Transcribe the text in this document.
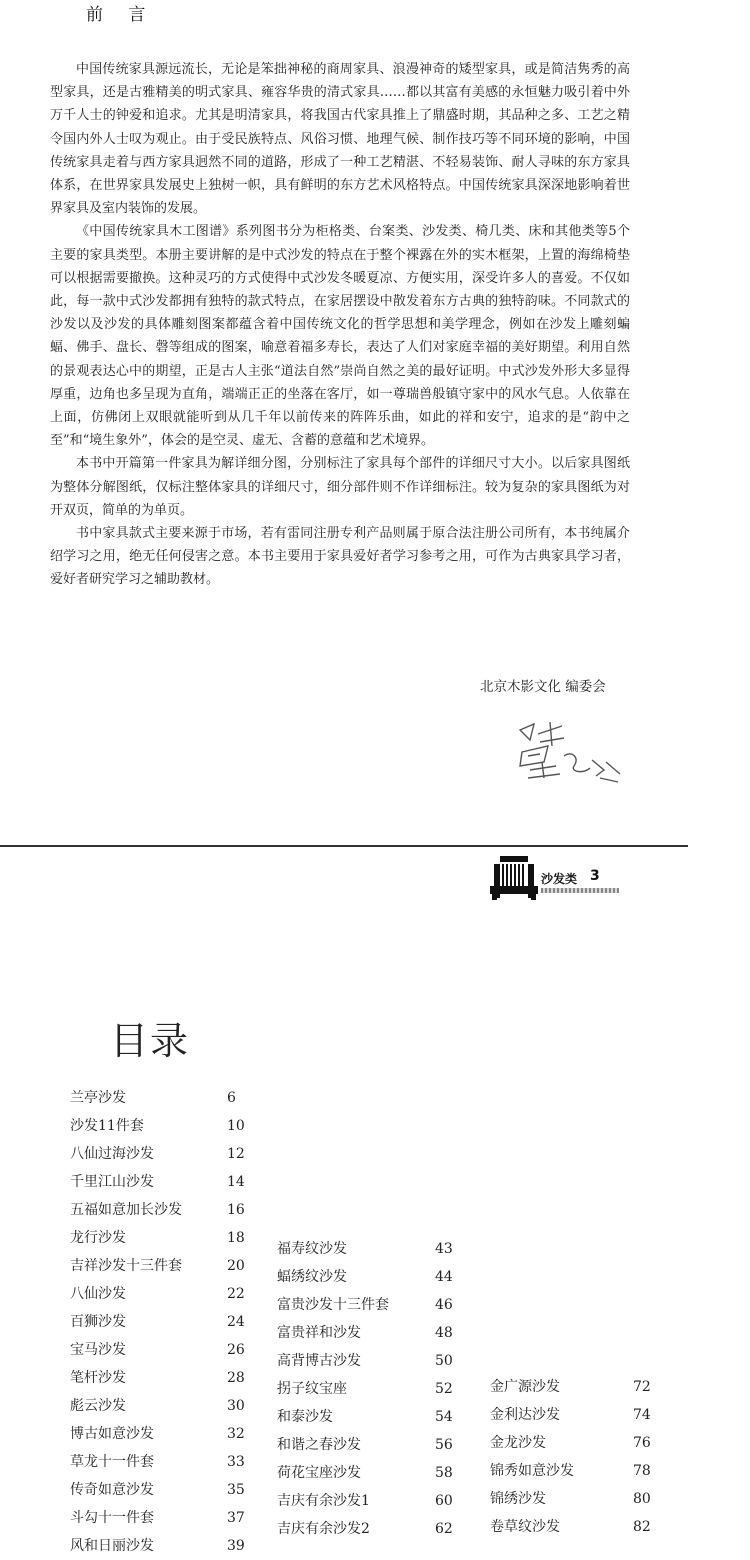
前 言

中国传统家具源远流长，无论是笨拙神秘的商周家具、浪漫神奇的矮型家具，或是简洁隽秀的高型家具，还是古雅精美的明式家具、雍容华贵的清式家具……都以其富有美感的永恒魅力吸引着中外万千人士的钟爱和追求。尤其是明清家具，将我国古代家具推上了鼎盛时期，其品种之多、工艺之精令国内外人士叹为观止。由于受民族特点、风俗习惯、地理气候、制作技巧等不同环境的影响，中国传统家具走着与西方家具迥然不同的道路，形成了一种工艺精湛、不轻易装饰、耐人寻味的东方家具体系，在世界家具发展史上独树一帜，具有鲜明的东方艺术风格特点。中国传统家具深深地影响着世界家具及室内装饰的发展。

《中国传统家具木工图谱》系列图书分为柜格类、台案类、沙发类、椅几类、床和其他类等5个主要的家具类型。本册主要讲解的是中式沙发的特点在于整个裸露在外的实木框架，上置的海绵椅垫可以根据需要撤换。这种灵巧的方式使得中式沙发冬暖夏凉、方便实用，深受许多人的喜爱。不仅如此，每一款中式沙发都拥有独特的款式特点，在家居摆设中散发着东方古典的独特韵味。不同款式的沙发以及沙发的具体雕刻图案都蕴含着中国传统文化的哲学思想和美学理念，例如在沙发上雕刻蝙蝠、佛手、盘长、磬等组成的图案，喻意着福多寿长，表达了人们对家庭幸福的美好期望。利用自然的景观表达心中的期望，正是古人主张“道法自然”崇尚自然之美的最好证明。中式沙发外形大多显得厚重，边角也多呈现为直角，端端正正的坐落在客厅，如一尊瑞兽般镇守家中的风水气息。人依靠在上面，仿佛闭上双眼就能听到从几千年以前传来的阵阵乐曲，如此的祥和安宁，追求的是“韵中之至”和“境生象外”，体会的是空灵、虚无、含蓄的意蕴和艺术境界。

本书中开篇第一件家具为解详细分图，分别标注了家具每个部件的详细尺寸大小。以后家具图纸为整体分解图纸，仅标注整体家具的详细尺寸，细分部件则不作详细标注。较为复杂的家具图纸为对开双页，简单的为单页。

书中家具款式主要来源于市场，若有雷同注册专利产品则属于原合法注册公司所有，本书纯属介绍学习之用，绝无任何侵害之意。本书主要用于家具爱好者学习参考之用，可作为古典家具学习者，爱好者研究学习之辅助教材。

北京木影文化 编委会
沙发类 3
目录
兰亭沙发	6
沙发11件套	10
八仙过海沙发	12
千里江山沙发	14
五福如意加长沙发	16
龙行沙发	18
吉祥沙发十三件套	20
八仙沙发	22
百狮沙发	24
宝马沙发	26
笔杆沙发	28
彪云沙发	30
博古如意沙发	32
草龙十一件套	33
传奇如意沙发	35
斗勾十一件套	37
风和日丽沙发	39
福寿纹沙发	43
蝠绣纹沙发	44
富贵沙发十三件套	46
富贵祥和沙发	48
高背博古沙发	50
拐子纹宝座	52
和泰沙发	54
和谐之春沙发	56
荷花宝座沙发	58
吉庆有余沙发1	60
吉庆有余沙发2	62
金广源沙发	72
金利达沙发	74
金龙沙发	76
锦秀如意沙发	78
锦绣沙发	80
卷草纹沙发	82
